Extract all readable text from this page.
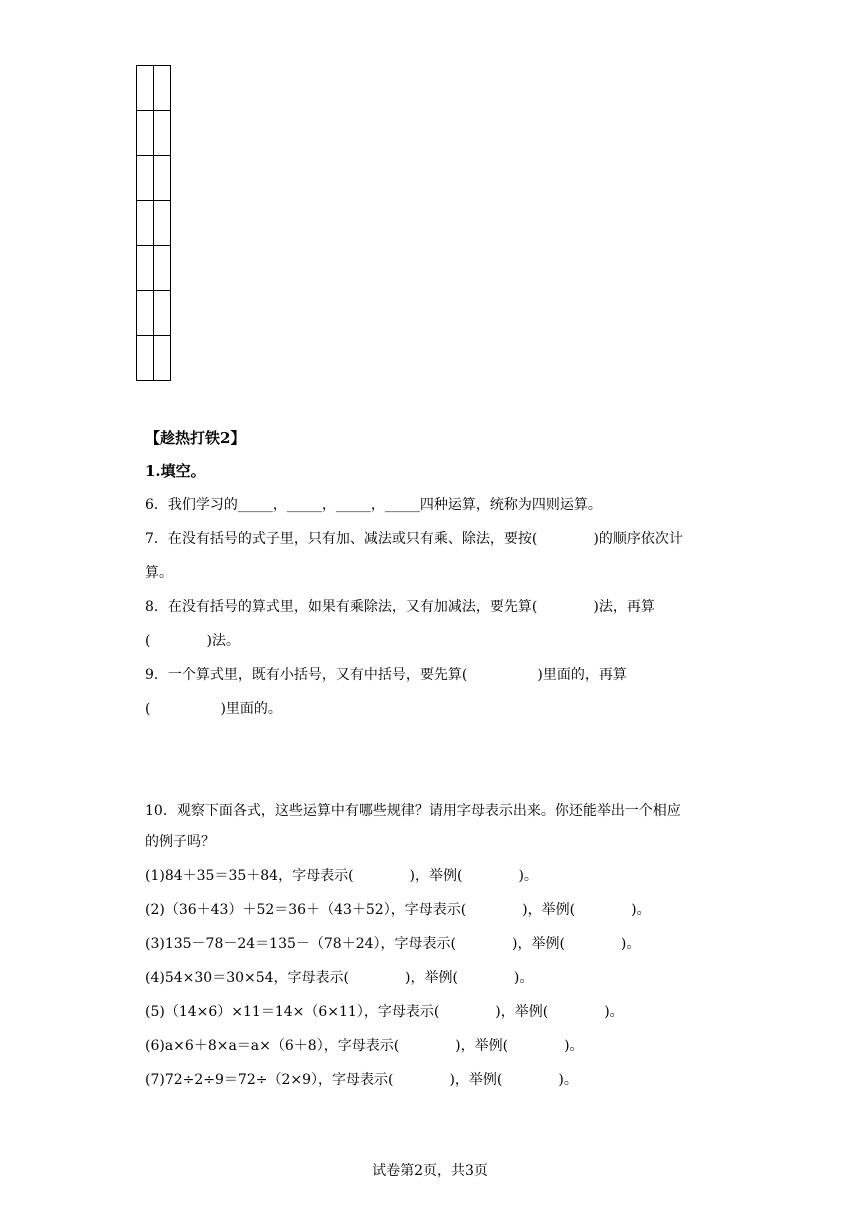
【趁热打铁2】
1.填空。
6．我们学习的_____，_____，_____，_____四种运算，统称为四则运算。
7．在没有括号的式子里，只有加、减法或只有乘、除法，要按(　　　　)的顺序依次计
算。
8．在没有括号的算式里，如果有乘除法，又有加减法，要先算(　　　　)法，再算
(　　　　)法。
9．一个算式里，既有小括号，又有中括号，要先算(　　　　　)里面的，再算
(　　　　　)里面的。
10．观察下面各式，这些运算中有哪些规律？请用字母表示出来。你还能举出一个相应
的例子吗？
(1)84＋35＝35＋84，字母表示(　　　　)，举例(　　　　)。
(2)（36＋43）＋52＝36＋（43＋52），字母表示(　　　　)，举例(　　　　)。
(3)135－78－24＝135－（78＋24），字母表示(　　　　)，举例(　　　　)。
(4)54×30＝30×54，字母表示(　　　　)，举例(　　　　)。
(5)（14×6）×11＝14×（6×11），字母表示(　　　　)，举例(　　　　)。
(6)a×6＋8×a＝a×（6＋8），字母表示(　　　　)，举例(　　　　)。
(7)72÷2÷9＝72÷（2×9），字母表示(　　　　)，举例(　　　　)。
试卷第2页，共3页
